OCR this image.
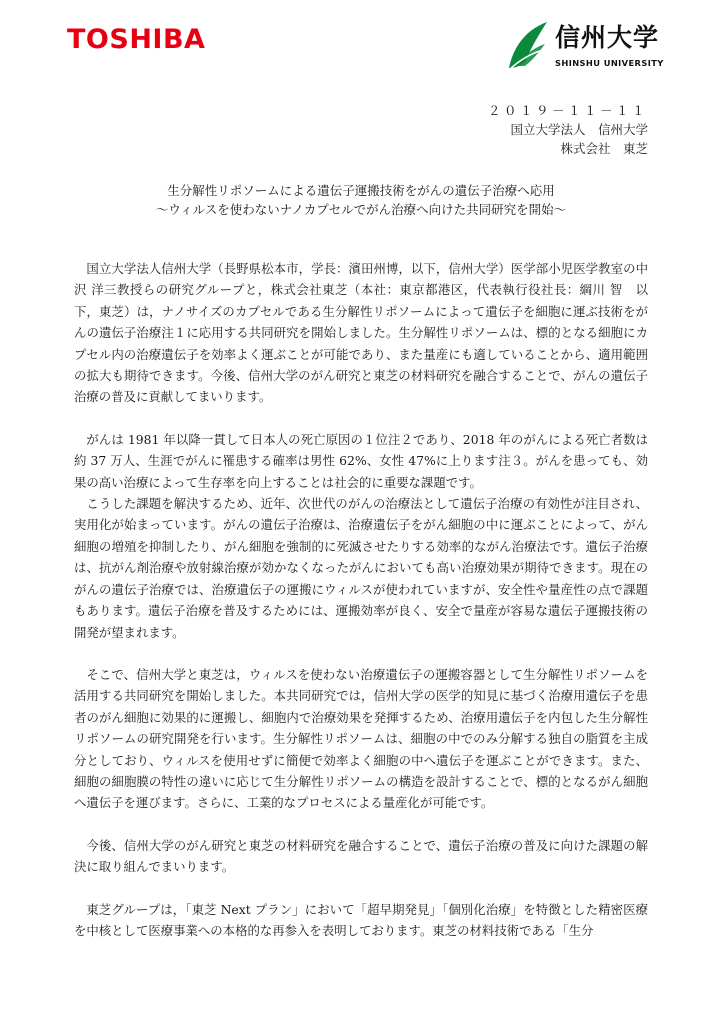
TOSHIBA	信州大学
SHINSHU UNIVERSITY
２０１９－１１－１１
国立大学法人　信州大学
株式会社　東芝
生分解性リポソームによる遺伝子運搬技術をがんの遺伝子治療へ応用
～ウィルスを使わないナノカプセルでがん治療へ向けた共同研究を開始～

国立大学法人信州大学（長野県松本市，学長：濱田州博，以下，信州大学）医学部小児医学教室の中沢 洋三教授らの研究グループと，株式会社東芝（本社：東京都港区，代表執行役社長：綱川 智　以下，東芝）は，ナノサイズのカプセルである生分解性リポソームによって遺伝子を細胞に運ぶ技術をがんの遺伝子治療注１に応用する共同研究を開始しました。生分解性リポソームは、標的となる細胞にカプセル内の治療遺伝子を効率よく運ぶことが可能であり、また量産にも適していることから、適用範囲の拡大も期待できます。今後、信州大学のがん研究と東芝の材料研究を融合することで、がんの遺伝子治療の普及に貢献してまいります。

がんは 1981 年以降一貫して日本人の死亡原因の１位注２であり、2018 年のがんによる死亡者数は約 37 万人、生涯でがんに罹患する確率は男性 62%、女性 47%に上ります注３。がんを患っても、効果の高い治療によって生存率を向上することは社会的に重要な課題です。

こうした課題を解決するため、近年、次世代のがんの治療法として遺伝子治療の有効性が注目され、実用化が始まっています。がんの遺伝子治療は、治療遺伝子をがん細胞の中に運ぶことによって、がん細胞の増殖を抑制したり、がん細胞を強制的に死滅させたりする効率的ながん治療法です。遺伝子治療は、抗がん剤治療や放射線治療が効かなくなったがんにおいても高い治療効果が期待できます。現在のがんの遺伝子治療では、治療遺伝子の運搬にウィルスが使われていますが、安全性や量産性の点で課題もあります。遺伝子治療を普及するためには、運搬効率が良く、安全で量産が容易な遺伝子運搬技術の開発が望まれます。

そこで、信州大学と東芝は，ウィルスを使わない治療遺伝子の運搬容器として生分解性リポソームを活用する共同研究を開始しました。本共同研究では，信州大学の医学的知見に基づく治療用遺伝子を患者のがん細胞に効果的に運搬し、細胞内で治療効果を発揮するため、治療用遺伝子を内包した生分解性リポソームの研究開発を行います。生分解性リポソームは、細胞の中でのみ分解する独自の脂質を主成分としており、ウィルスを使用せずに簡便で効率よく細胞の中へ遺伝子を運ぶことができます。また、細胞の細胞膜の特性の違いに応じて生分解性リポソームの構造を設計することで、標的となるがん細胞へ遺伝子を運びます。さらに、工業的なプロセスによる量産化が可能です。

今後、信州大学のがん研究と東芝の材料研究を融合することで、遺伝子治療の普及に向けた課題の解決に取り組んでまいります。

東芝グループは，「東芝 Next プラン」において「超早期発見」「個別化治療」を特徴とした精密医療を中核として医療事業への本格的な再参入を表明しております。東芝の材料技術である「生分
